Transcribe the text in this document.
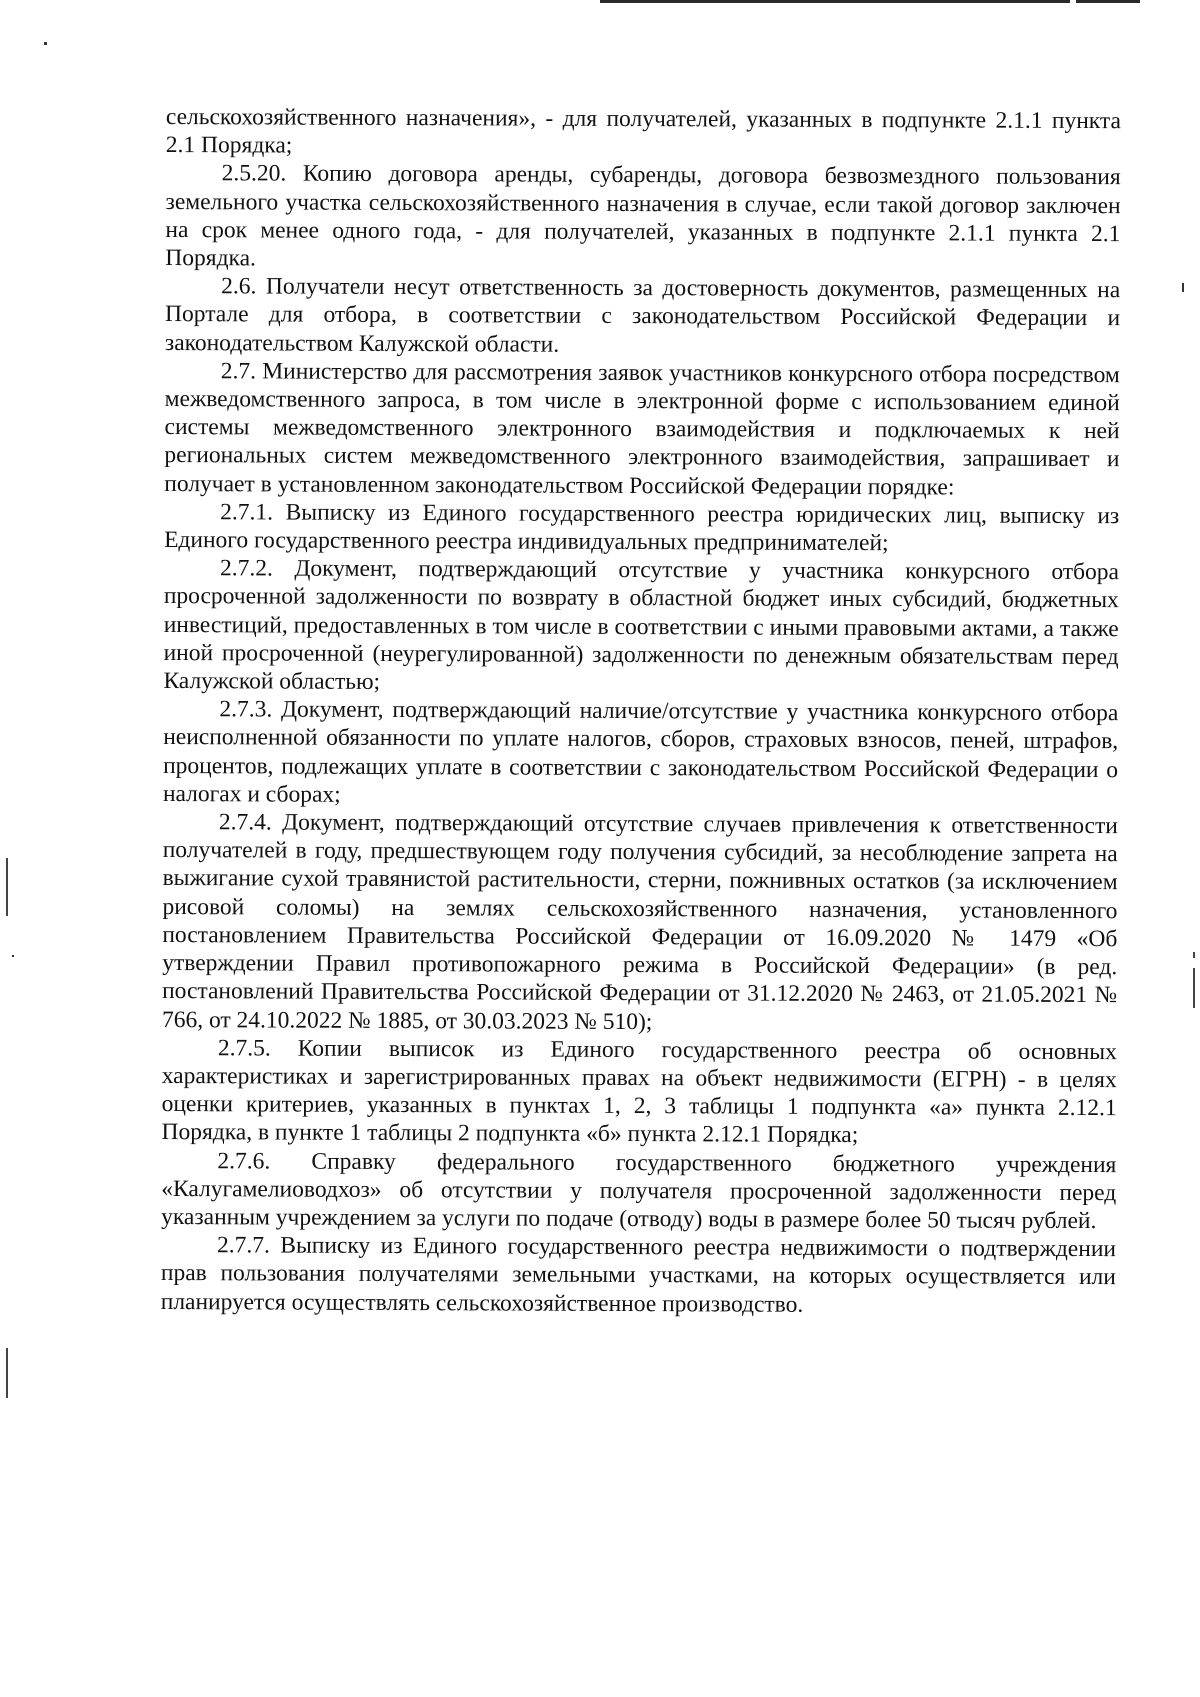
сельскохозяйственного назначения», - для получателей, указанных в подпункте 2.1.1 пункта 2.1 Порядка;

2.5.20. Копию договора аренды, субаренды, договора безвозмездного пользования земельного участка сельскохозяйственного назначения в случае, если такой договор заключен на срок менее одного года, - для получателей, указанных в подпункте 2.1.1 пункта 2.1 Порядка.

2.6. Получатели несут ответственность за достоверность документов, размещенных на Портале для отбора, в соответствии с законодательством Российской Федерации и законодательством Калужской области.

2.7. Министерство для рассмотрения заявок участников конкурсного отбора посредством межведомственного запроса, в том числе в электронной форме с использованием единой системы межведомственного электронного взаимодействия и подключаемых к ней региональных систем межведомственного электронного взаимодействия, запрашивает и получает в установленном законодательством Российской Федерации порядке:

2.7.1. Выписку из Единого государственного реестра юридических лиц, выписку из Единого государственного реестра индивидуальных предпринимателей;

2.7.2. Документ, подтверждающий отсутствие у участника конкурсного отбора просроченной задолженности по возврату в областной бюджет иных субсидий, бюджетных инвестиций, предоставленных в том числе в соответствии с иными правовыми актами, а также иной просроченной (неурегулированной) задолженности по денежным обязательствам перед Калужской областью;

2.7.3. Документ, подтверждающий наличие/отсутствие у участника конкурсного отбора неисполненной обязанности по уплате налогов, сборов, страховых взносов, пеней, штрафов, процентов, подлежащих уплате в соответствии с законодательством Российской Федерации о налогах и сборах;

2.7.4. Документ, подтверждающий отсутствие случаев привлечения к ответственности получателей в году, предшествующем году получения субсидий, за несоблюдение запрета на выжигание сухой травянистой растительности, стерни, пожнивных остатков (за исключением рисовой соломы) на землях сельскохозяйственного назначения, установленного постановлением Правительства Российской Федерации от 16.09.2020 № 1479 «Об утверждении Правил противопожарного режима в Российской Федерации» (в ред. постановлений Правительства Российской Федерации от 31.12.2020 № 2463, от 21.05.2021 № 766, от 24.10.2022 № 1885, от 30.03.2023 № 510);

2.7.5. Копии выписок из Единого государственного реестра об основных характеристиках и зарегистрированных правах на объект недвижимости (ЕГРН) - в целях оценки критериев, указанных в пунктах 1, 2, 3 таблицы 1 подпункта «а» пункта 2.12.1 Порядка, в пункте 1 таблицы 2 подпункта «б» пункта 2.12.1 Порядка;

2.7.6. Справку федерального государственного бюджетного учреждения «Калугамелиоводхоз» об отсутствии у получателя просроченной задолженности перед указанным учреждением за услуги по подаче (отводу) воды в размере более 50 тысяч рублей.

2.7.7. Выписку из Единого государственного реестра недвижимости о подтверждении прав пользования получателями земельными участками, на которых осуществляется или планируется осуществлять сельскохозяйственное производство.
